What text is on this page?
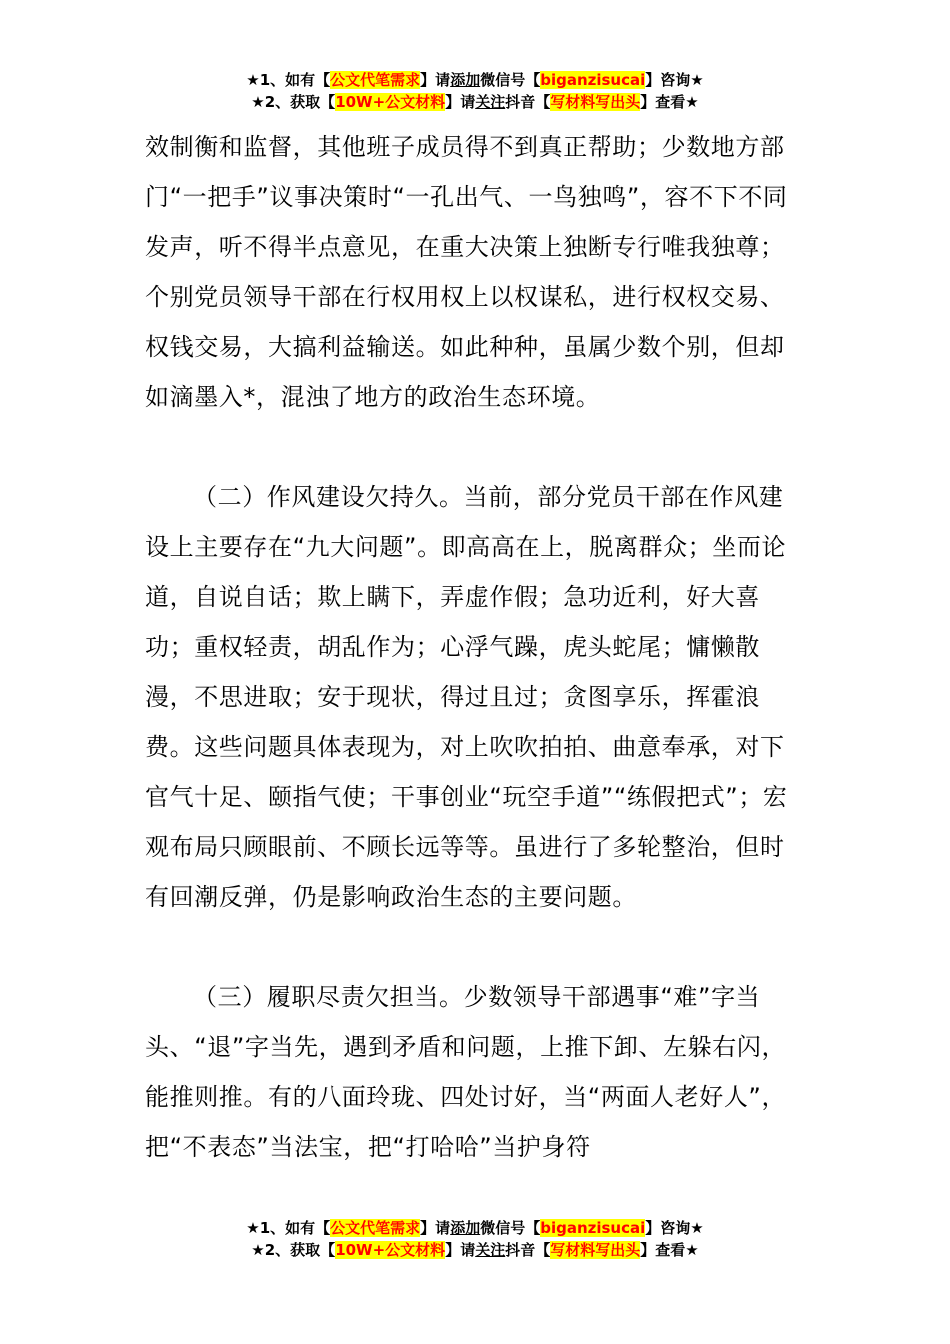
★1、如有【公文代笔需求】请添加微信号【biganzisucai】咨询★
★2、获取【10W+公文材料】请关注抖音【写材料写出头】查看★

效制衡和监督，其他班子成员得不到真正帮助；少数地方部门“一把手”议事决策时“一孔出气、一鸟独鸣”，容不下不同发声，听不得半点意见，在重大决策上独断专行唯我独尊；个别党员领导干部在行权用权上以权谋私，进行权权交易、权钱交易，大搞利益输送。如此种种，虽属少数个别，但却如滴墨入*，混浊了地方的政治生态环境。

（二）作风建设欠持久。当前，部分党员干部在作风建设上主要存在“九大问题”。即高高在上，脱离群众；坐而论道，自说自话；欺上瞒下，弄虚作假；急功近利，好大喜功；重权轻责，胡乱作为；心浮气躁，虎头蛇尾；慵懒散漫，不思进取；安于现状，得过且过；贪图享乐，挥霍浪费。这些问题具体表现为，对上吹吹拍拍、曲意奉承，对下官气十足、颐指气使；干事创业“玩空手道”“练假把式”；宏观布局只顾眼前、不顾长远等等。虽进行了多轮整治，但时有回潮反弹，仍是影响政治生态的主要问题。

（三）履职尽责欠担当。少数领导干部遇事“难”字当头、“退”字当先，遇到矛盾和问题，上推下卸、左躲右闪，能推则推。有的八面玲珑、四处讨好，当“两面人老好人”，把“不表态”当法宝，把“打哈哈”当护身符

★1、如有【公文代笔需求】请添加微信号【biganzisucai】咨询★
★2、获取【10W+公文材料】请关注抖音【写材料写出头】查看★
